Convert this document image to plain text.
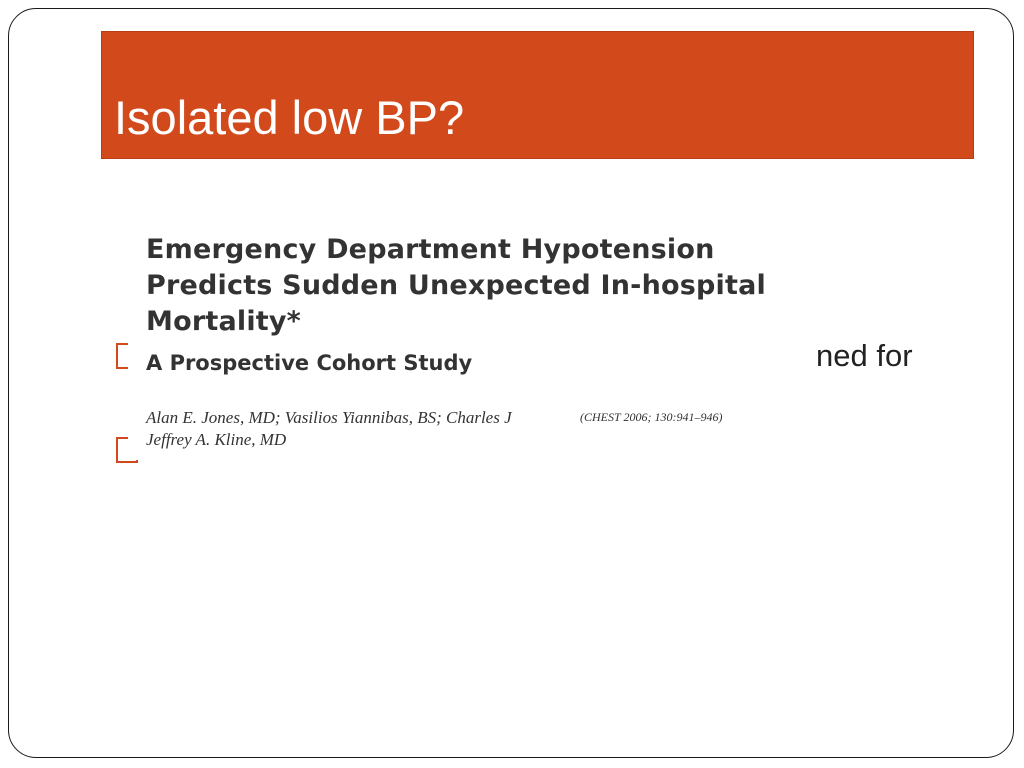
Isolated low BP?
ned for
Emergency Department Hypotension
Predicts Sudden Unexpected In-hospital
Mortality*
A Prospective Cohort Study
Alan E. Jones, MD; Vasilios Yiannibas, BS; Charles J
Jeffrey A. Kline, MD
(CHEST 2006; 130:941–946)
